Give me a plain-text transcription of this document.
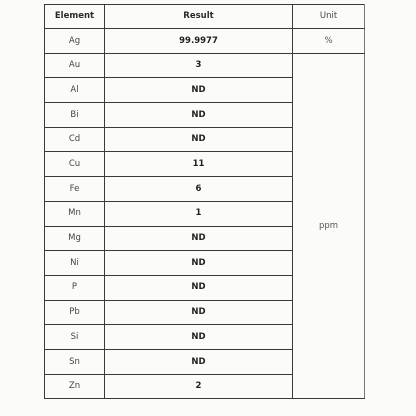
Element	Result	Unit
Ag	99.9977	%
Au	3	ppm
Al	ND	
Bi	ND	
Cd	ND	
Cu	11	
Fe	6	
Mn	1	
Mg	ND	
Ni	ND	
P	ND	
Pb	ND	
Si	ND	
Sn	ND	
Zn	2	
